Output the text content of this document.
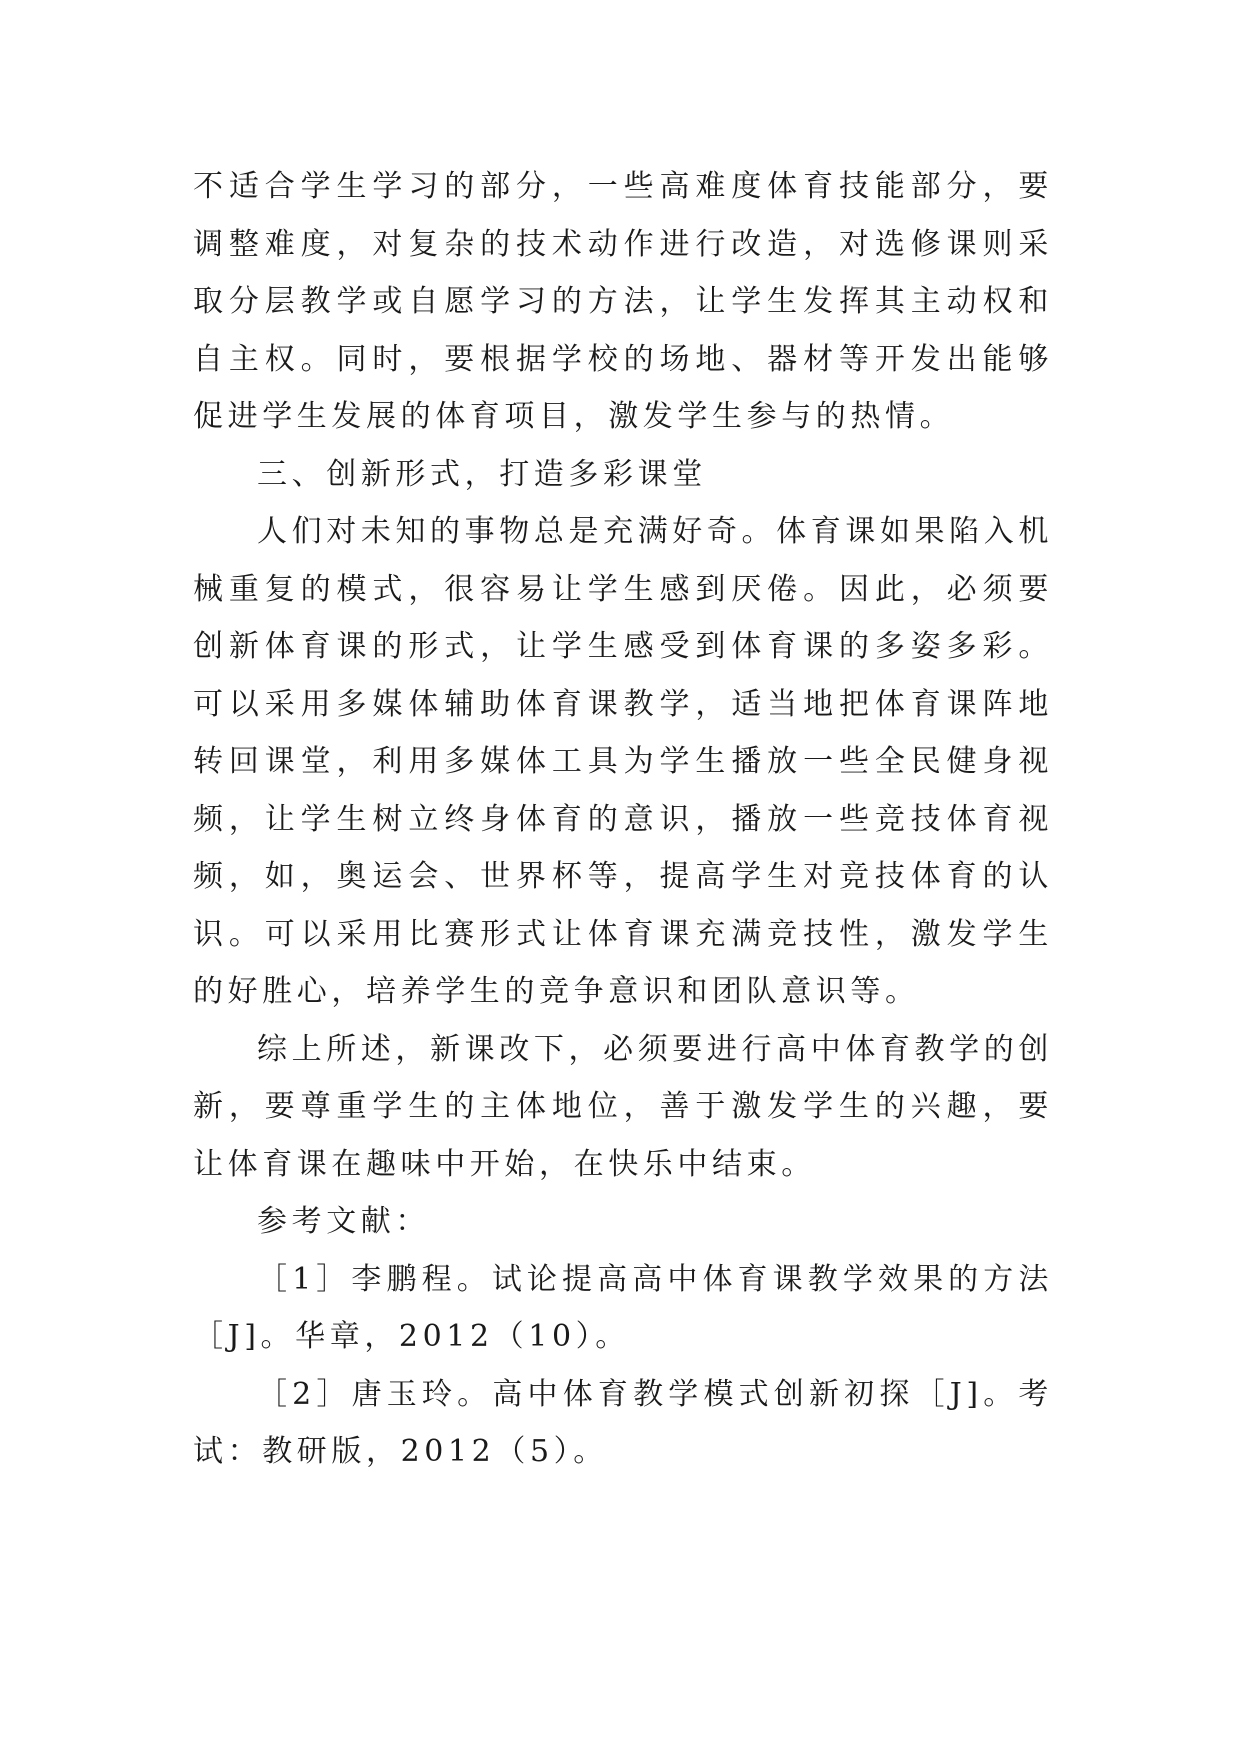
不适合学生学习的部分，一些高难度体育技能部分，要调整难度，对复杂的技术动作进行改造，对选修课则采取分层教学或自愿学习的方法，让学生发挥其主动权和自主权。同时，要根据学校的场地、器材等开发出能够促进学生发展的体育项目，激发学生参与的热情。

三、创新形式，打造多彩课堂

人们对未知的事物总是充满好奇。体育课如果陷入机械重复的模式，很容易让学生感到厌倦。因此，必须要创新体育课的形式，让学生感受到体育课的多姿多彩。可以采用多媒体辅助体育课教学，适当地把体育课阵地转回课堂，利用多媒体工具为学生播放一些全民健身视频，让学生树立终身体育的意识，播放一些竞技体育视频，如，奥运会、世界杯等，提高学生对竞技体育的认识。可以采用比赛形式让体育课充满竞技性，激发学生的好胜心，培养学生的竞争意识和团队意识等。

综上所述，新课改下，必须要进行高中体育教学的创新，要尊重学生的主体地位，善于激发学生的兴趣，要让体育课在趣味中开始，在快乐中结束。

参考文献：

［1］李鹏程。试论提高高中体育课教学效果的方法［J]。华章，2012（10）。

［2］唐玉玲。高中体育教学模式创新初探［J]。考试：教研版，2012（5）。
